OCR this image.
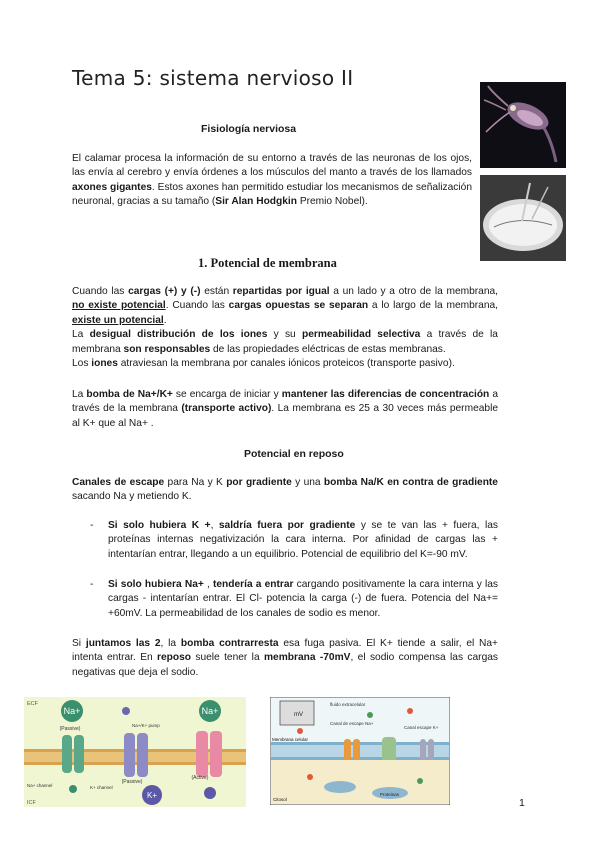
Tema 5: sistema nervioso II
Fisiología nerviosa
El calamar procesa la información de su entorno a través de las neuronas de los ojos, las envía al cerebro y envía órdenes a los músculos del manto a través de los llamados axones gigantes. Estos axones han permitido estudiar los mecanismos de señalización neuronal, gracias a su tamaño (Sir Alan Hodgkin Premio Nobel).
1. Potencial de membrana
Cuando las cargas (+) y (-) están repartidas por igual a un lado y a otro de la membrana, no existe potencial. Cuando las cargas opuestas se separan a lo largo de la membrana, existe un potencial.
La desigual distribución de los iones y su permeabilidad selectiva a través de la membrana son responsables de las propiedades eléctricas de estas membranas.
Los iones atraviesan la membrana por canales iónicos proteicos (transporte pasivo).
La bomba de Na+/K+ se encarga de iniciar y mantener las diferencias de concentración a través de la membrana (transporte activo). La membrana es 25 a 30 veces más permeable al K+ que al Na+ .
Potencial en reposo
Canales de escape para Na y K por gradiente y una bomba Na/K en contra de gradiente sacando Na y metiendo K.
- Si solo hubiera K +, saldría fuera por gradiente y se te van las + fuera, las proteínas internas negativización la cara interna. Por afinidad de cargas las + intentarían entrar, llegando a un equilibrio. Potencial de equilibrio del K=-90 mV.
- Si solo hubiera Na+ , tendería a entrar cargando positivamente la cara interna y las cargas - intentarían entrar. El Cl- potencia la carga (-) de fuera. Potencia del Na+= +60mV. La permeabilidad de los canales de sodio es menor.
Si juntamos las 2, la bomba contrarresta esa fuga pasiva. El K+ tiende a salir, el Na+ intenta entrar. En reposo suele tener la membrana -70mV, el sodio compensa las cargas negativas que deja el sodio.
ECF
ICF
Na+
(Passive)
Na+ channel
Na+/K+ pump
(Passive)
K+ channel
K+
Na+
(Active)
mV
fluido extracelular
Membrana celular
Canal de escape Na+
Canal escape K+
Proteinas
Citosol	1
